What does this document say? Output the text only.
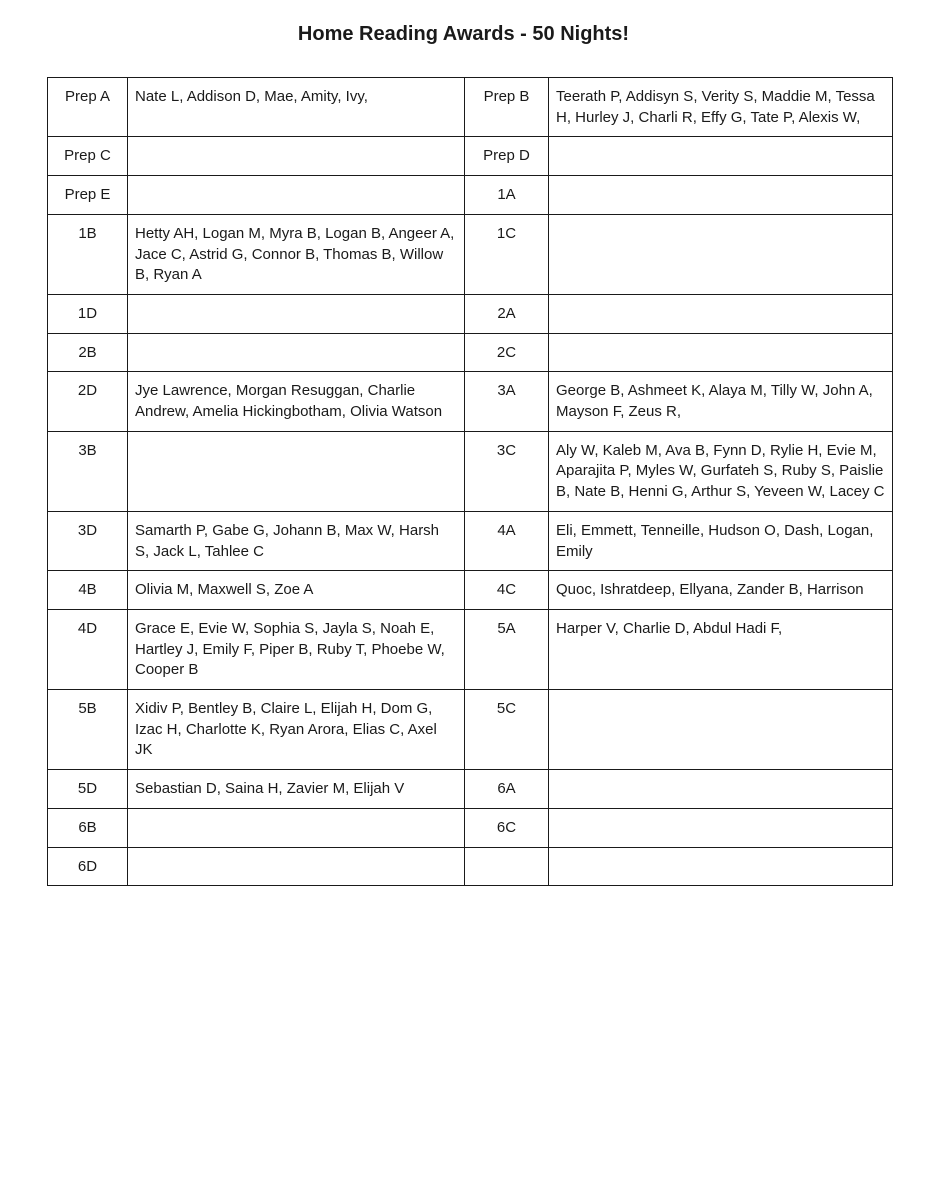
Home Reading Awards - 50 Nights!
Prep A	Nate L, Addison D, Mae, Amity, Ivy,	Prep B	Teerath P, Addisyn S, Verity S, Maddie M, Tessa H, Hurley J, Charli R, Effy G, Tate P, Alexis W,
Prep C		Prep D	
Prep E		1A	
1B	Hetty AH, Logan M, Myra B, Logan B, Angeer A, Jace C, Astrid G, Connor B, Thomas B, Willow B, Ryan A	1C	
1D		2A	
2B		2C	
2D	Jye Lawrence, Morgan Resuggan, Charlie Andrew, Amelia Hickingbotham, Olivia Watson	3A	George B, Ashmeet K, Alaya M, Tilly W, John A, Mayson F, Zeus R,
3B		3C	Aly W, Kaleb M, Ava B, Fynn D, Rylie H, Evie M, Aparajita P, Myles W, Gurfateh S, Ruby S, Paislie B, Nate B, Henni G, Arthur S, Yeveen W, Lacey C
3D	Samarth P, Gabe G, Johann B, Max W, Harsh S, Jack L, Tahlee C	4A	Eli, Emmett, Tenneille, Hudson O, Dash, Logan, Emily
4B	Olivia M, Maxwell S, Zoe A	4C	Quoc, Ishratdeep, Ellyana, Zander B, Harrison
4D	Grace E, Evie W, Sophia S, Jayla S, Noah E, Hartley J, Emily F, Piper B, Ruby T, Phoebe W, Cooper B	5A	Harper V, Charlie D, Abdul Hadi F,
5B	Xidiv P, Bentley B, Claire L, Elijah H, Dom G, Izac H, Charlotte K, Ryan Arora, Elias C, Axel JK	5C	
5D	Sebastian D, Saina H, Zavier M, Elijah V	6A	
6B		6C	
6D			
